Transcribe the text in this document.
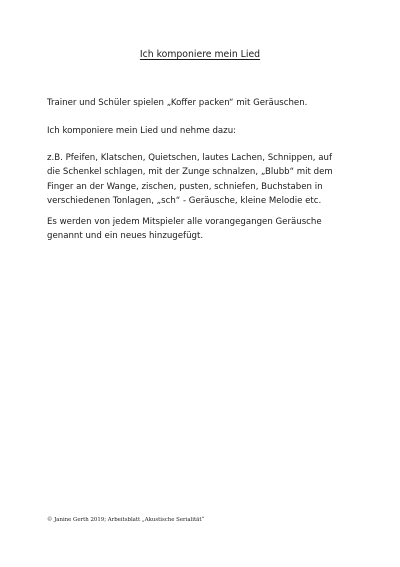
Ich komponiere mein Lied

Trainer und Schüler spielen „Koffer packen“ mit Geräuschen.

Ich komponiere mein Lied und nehme dazu:

z.B. Pfeifen, Klatschen, Quietschen, lautes Lachen, Schnippen, auf die Schenkel schlagen, mit der Zunge schnalzen, „Blubb“ mit dem Finger an der Wange, zischen, pusten, schniefen, Buchstaben in verschiedenen Tonlagen, „sch“ - Geräusche, kleine Melodie etc.

Es werden von jedem Mitspieler alle vorangegangen Geräusche genannt und ein neues hinzugefügt.

© Janine Gerth 2019; Arbeitsblatt „Akustische Serialität“
